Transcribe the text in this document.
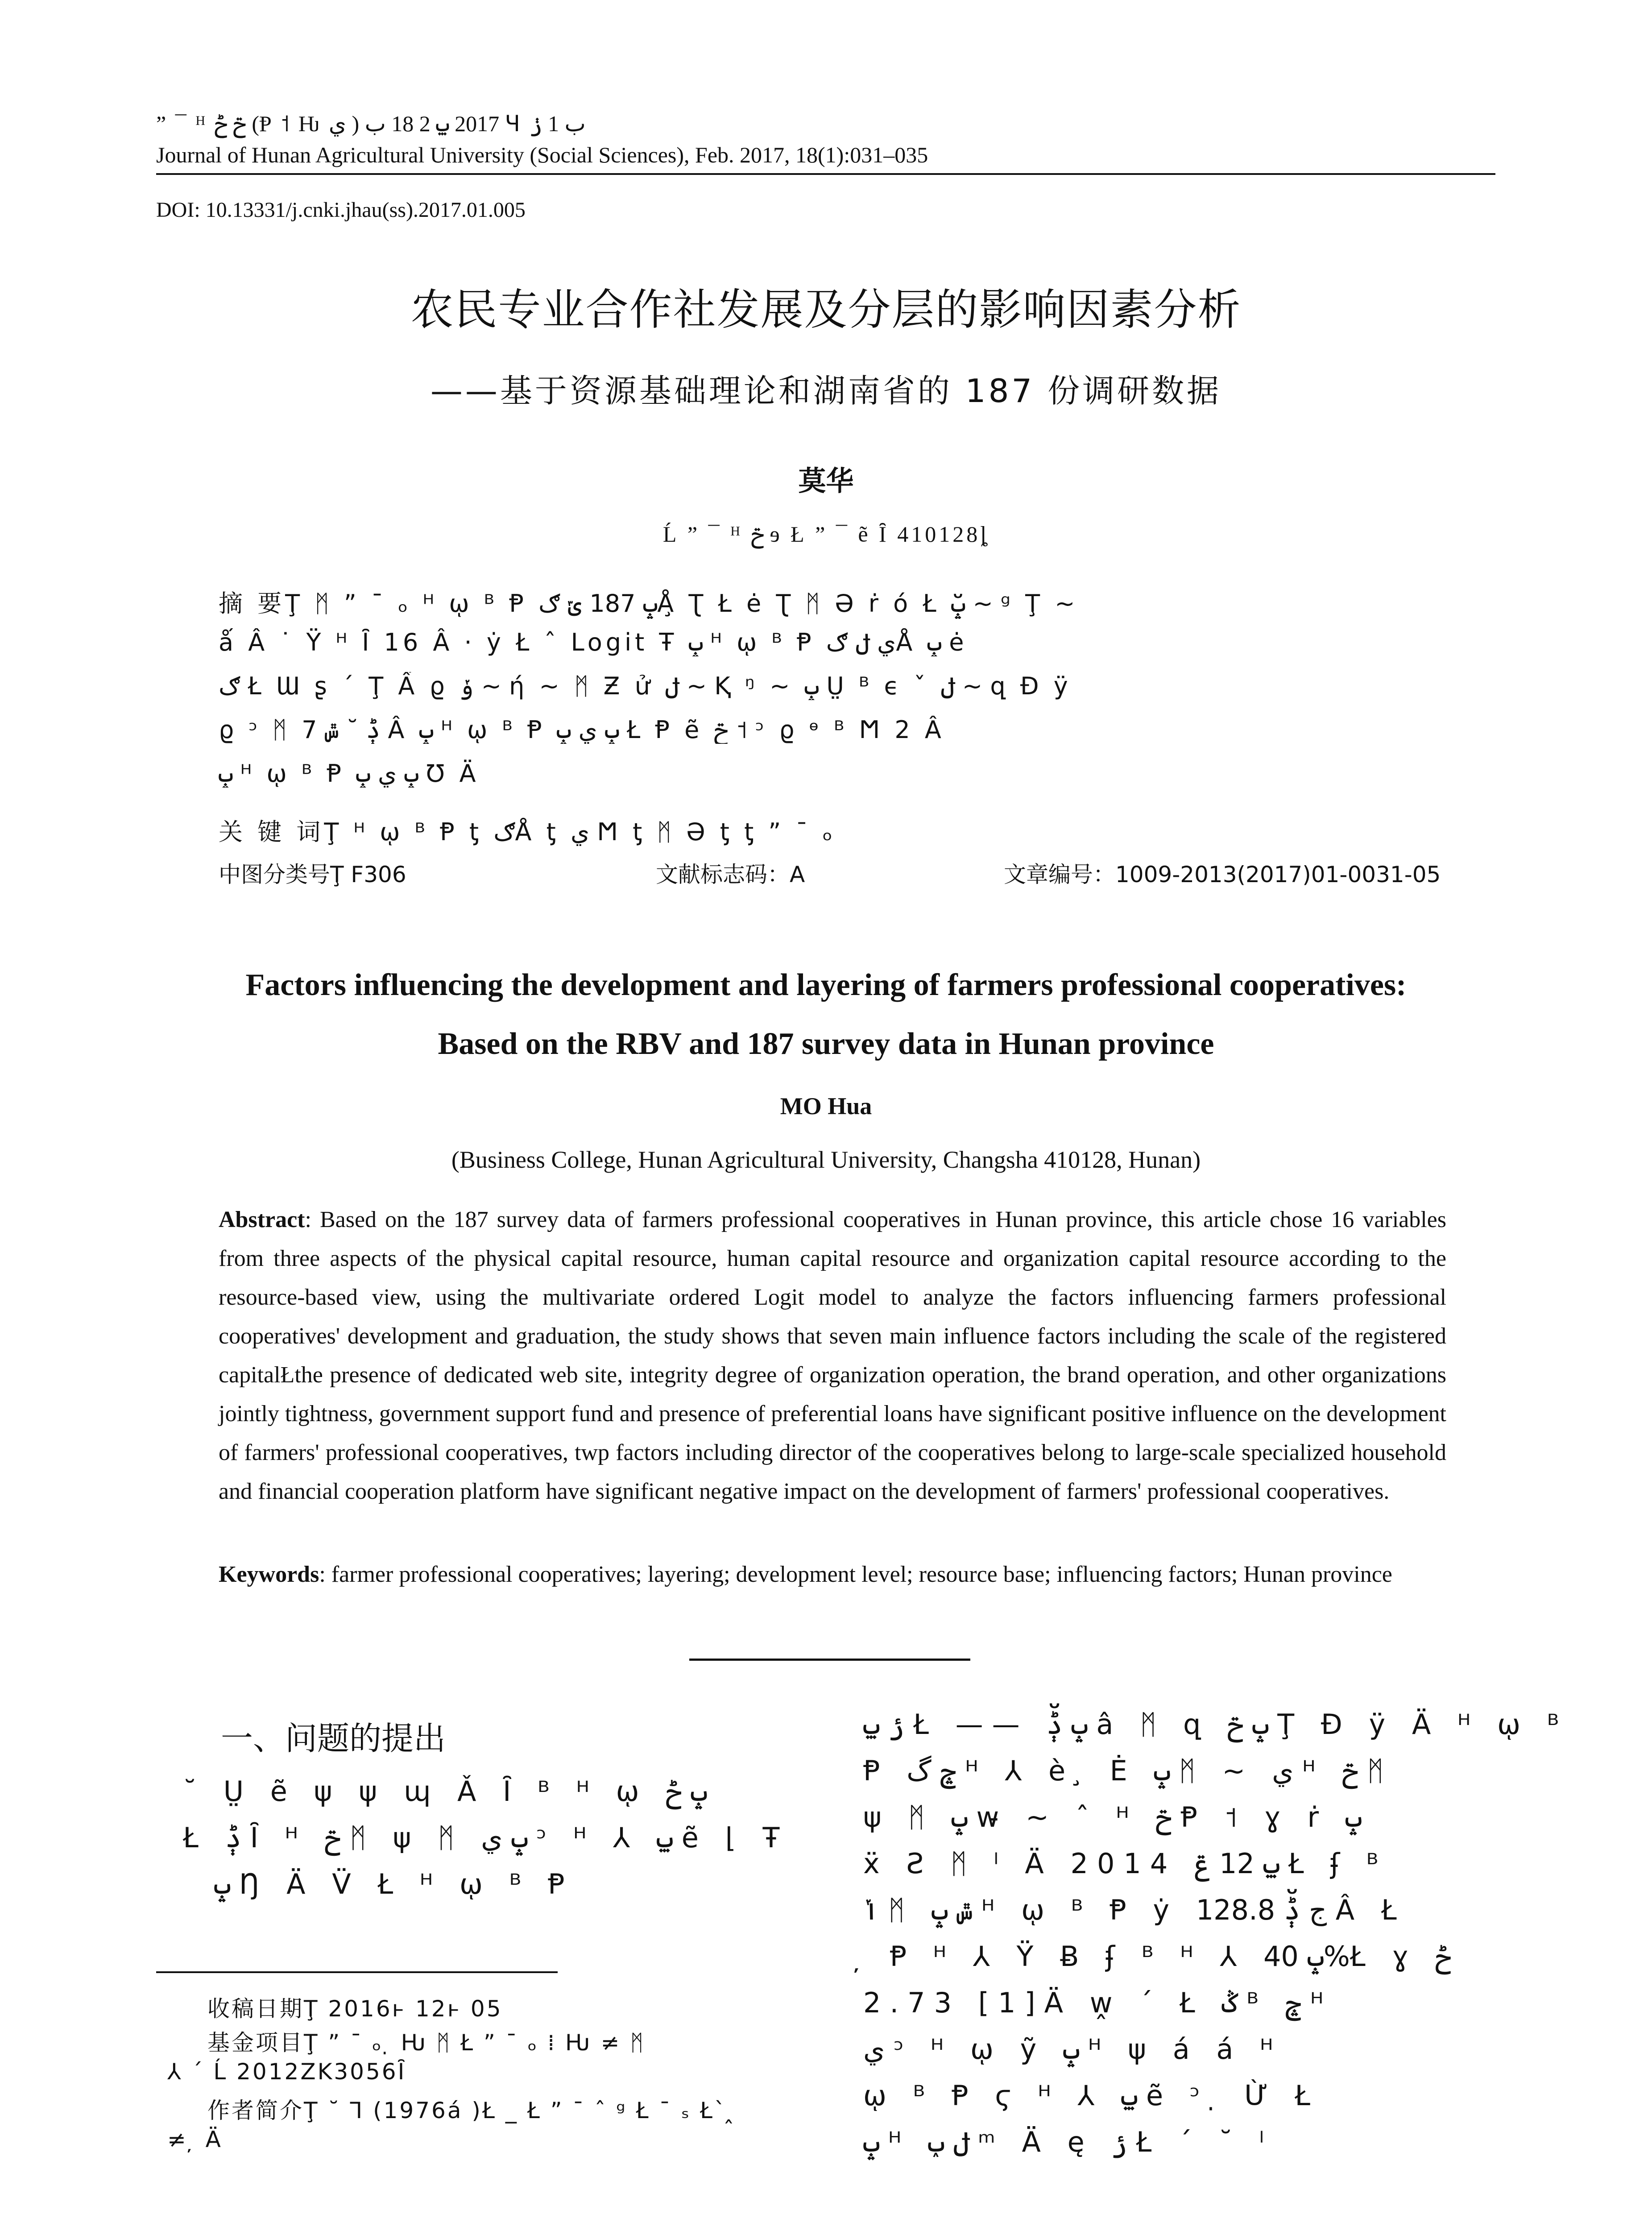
” ¯ ᴴ ݗ ݲ (Ᵽ ˦ Ƕ ي ) 2017 ݐ 2 18 ب Ɥ ب 1 ݫ
Journal of Hunan Agricultural University (Social Sciences), Feb. 2017, 18(1):031–035
DOI: 10.13331/j.cnki.jhau(ss).2017.01.005
农民专业合作社发展及分层的影响因素分析
——基于资源基础理论和湖南省的 187 份调研数据
莫华
Ĺ ” ¯ ᴴ ݗ ɘ Ł ” ¯ ẽ Ȋ 410128ȴ
摘 要Ţ ᛗ ” ¯ ₒ ᴴ ῳ ᴮ Ᵽ ݒ 187 ݶ ګÅ̧ Ʈ Ł ė Ʈ ᛗ Ə ṙ ó Ł ݒ̆ ~ ᵍ Ţ ~
ǻ Â ˙ Ÿ ᴴ Ȋ 16 Â · ẏ Ł ˆ Logit Ŧ ݒ ᴴ ῳ ᴮ Ᵽ ي ݪ ګÅ ݒ ė
ګ Ł Ɯ ʂ ´ Ţ Ấ ϱ ݸ ~ ή ~ ᛗ Ƶ ử ݪ ~ Ⱪ ᵑ ~ ݒ Ṳ ᴮ ϵ ˇ ݪ ~ զ Đ ÿ
ϱ ᵓ ᛗ ݙ ˘ ݜ 7 Â ݒ ᴴ ῳ ᴮ Ᵽ ݒ ي ݒ Ł Ᵽ ẽ ݗ ˦ ᵓ ϱ ᶱ ᴮ Ϻ 2 Â
ݒ ᴴ ῳ ᴮ Ᵽ ݒ ي ݒ Ʊ Ä
关 键 词Ţ ᴴ ῳ ᴮ Ᵽ ƫ ګÅ ƫ ي Ϻ ƫ ᛗ Ə ƫ ƫ ” ¯ ₒ
中图分类号Ţ F306	文献标志码：A	文章编号：1009-2013(2017)01-0031-05
Factors influencing the development and layering of farmers professional cooperatives:
Based on the RBV and 187 survey data in Hunan province
MO Hua
(Business College, Hunan Agricultural University, Changsha 410128, Hunan)
Abstract: Based on the 187 survey data of farmers professional cooperatives in Hunan province, this article chose 16 variables from three aspects of the physical capital resource, human capital resource and organization capital resource according to the resource-based view, using the multivariate ordered Logit model to analyze the factors influencing farmers professional cooperatives' development and graduation, the study shows that seven main influence factors including the scale of the registered capitalŁthe presence of dedicated web site, integrity degree of organization operation, the brand operation, and other organizations jointly tightness, government support fund and presence of preferential loans have significant positive influence on the development of farmers' professional cooperatives, twp factors including director of the cooperatives belong to large-scale specialized household and financial cooperation platform have significant negative impact on the development of farmers' professional cooperatives.
Keywords: farmer professional cooperatives; layering; development level; resource base; influencing factors; Hunan province
一、问题的提出
˘ Ṳ ẽ ψ ψ ɰ Ǎ Ȋ ᴮ ᴴ ῳ ݒ ݲ
Ł ݙ Ȋ ᴴ ݗ ᛗ ψ ᛗ ݒ ي ᵓ ᴴ ⅄ ݐ ẽ ⌊ Ŧ
ݒ Ŋ Ä V̈ Ł ᴴ ῳ ᴮ Ᵽ
收稿日期Ţ 2016ⱶ 12ⱶ 05
基金项目Ţ ” ¯ ₒ ̣ Ƕ ᛗ Ł ” ¯ ₒ ⁞ Ƕ ≠ ᛗ
⅄ ´ Ĺ 2012ZK3056Ȋ
作者简介Ţ ˘ ⅂ (1976á )Ł _ Ł ” ¯ ˆ ᵍ Ł ¯ ₛ Ł` ̭
≠ ̦ Ä
ݬ ݐ Ł —— ݒ ݙ̆ â ᛗ զ ݒ ݗ Ţ Đ ÿ Ä ᴴ ῳ ᴮ
Ᵽ ݘ گ ᴴ ⅄ è ̧ Ė ݒ ᛗ ~ ي ᴴ ݗ ᛗ
ψ ᛗ ݒ w̵ ~ ˆ ᴴ ݗ Ᵽ ˦ ɣ ṙ ݒ
ẍ Ƨ ᛗ ˡ Ä 2014 ݐ 12 ݝ Ł ʄ ᴮ
ݳ ᛗ ݜ ݒ ᴴ ῳ ᴮ Ᵽ ẏ ج ݙ̆ 128.8 Â Ł
̦ Ᵽ ᴴ ⅄ Ÿ Ƀ ʄ ᴮ ᴴ ⅄ ݒ 40%Ł ɣ ݲ
2.73 [1]Ä w̭ ´ Ł ݣ ᴮ ݘ ᴴ
ي ᵓ ᴴ ῳ ỹ ݒ ᴴ ψ á á ᴴ
ῳ ᴮ Ᵽ ϛ ᴴ ⅄ ݐ ẽ ᵓ ̣ Ừ Ł
ݒ ᴴ ݪ ݕ ᵐ Ä ę ݬ Ł ´ ˘ ˡ
